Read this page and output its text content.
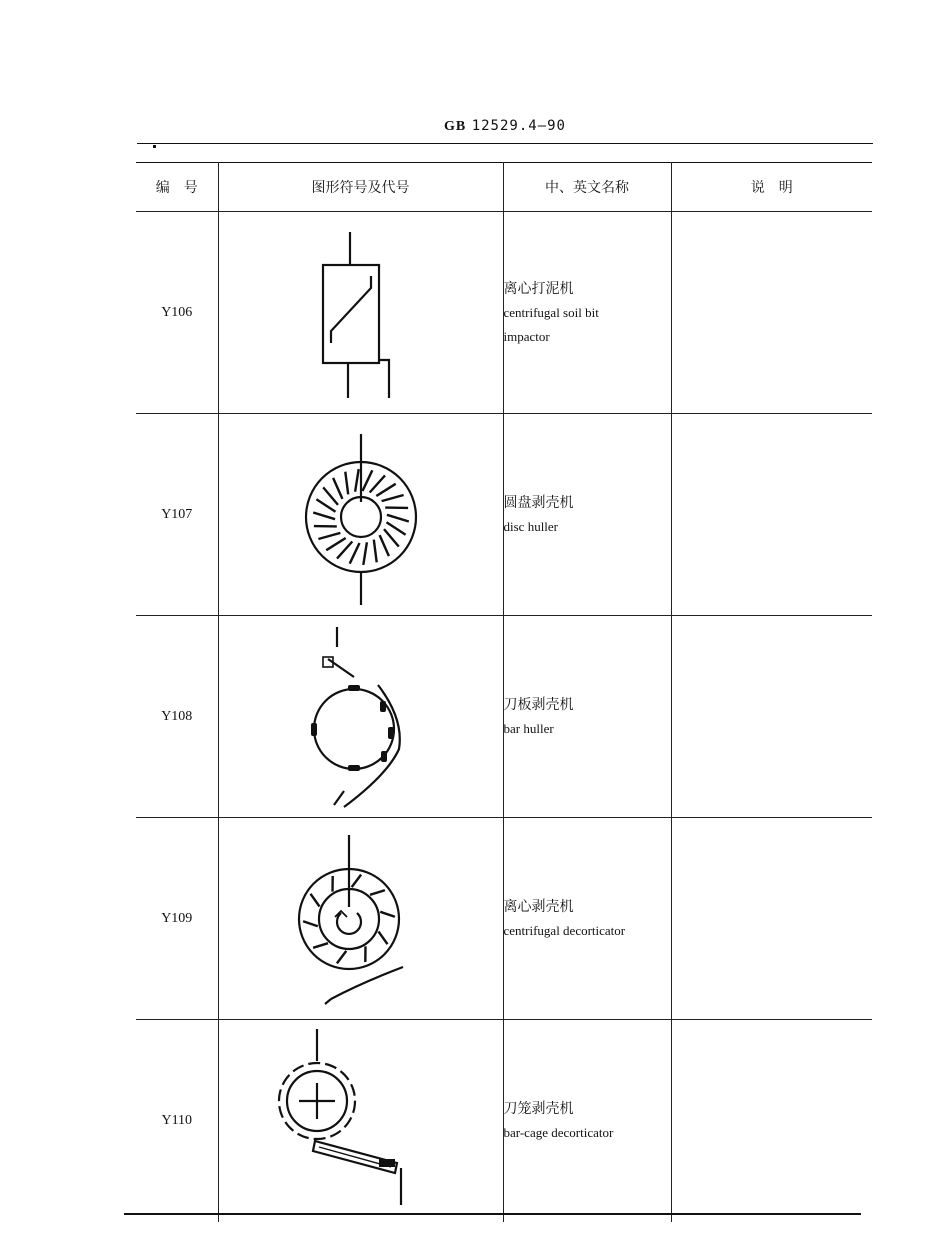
GB 12529.4—90
编　号	图形符号及代号	中、英文名称	说　明
Y106		离心打泥机
centrifugal soil bit
impactor	

Y107		圆盘剥壳机
disc huller	

Y108		刀板剥壳机
bar huller	

Y109		离心剥壳机
centrifugal decorticator	

Y110		刀笼剥壳机
bar-cage decorticator	
